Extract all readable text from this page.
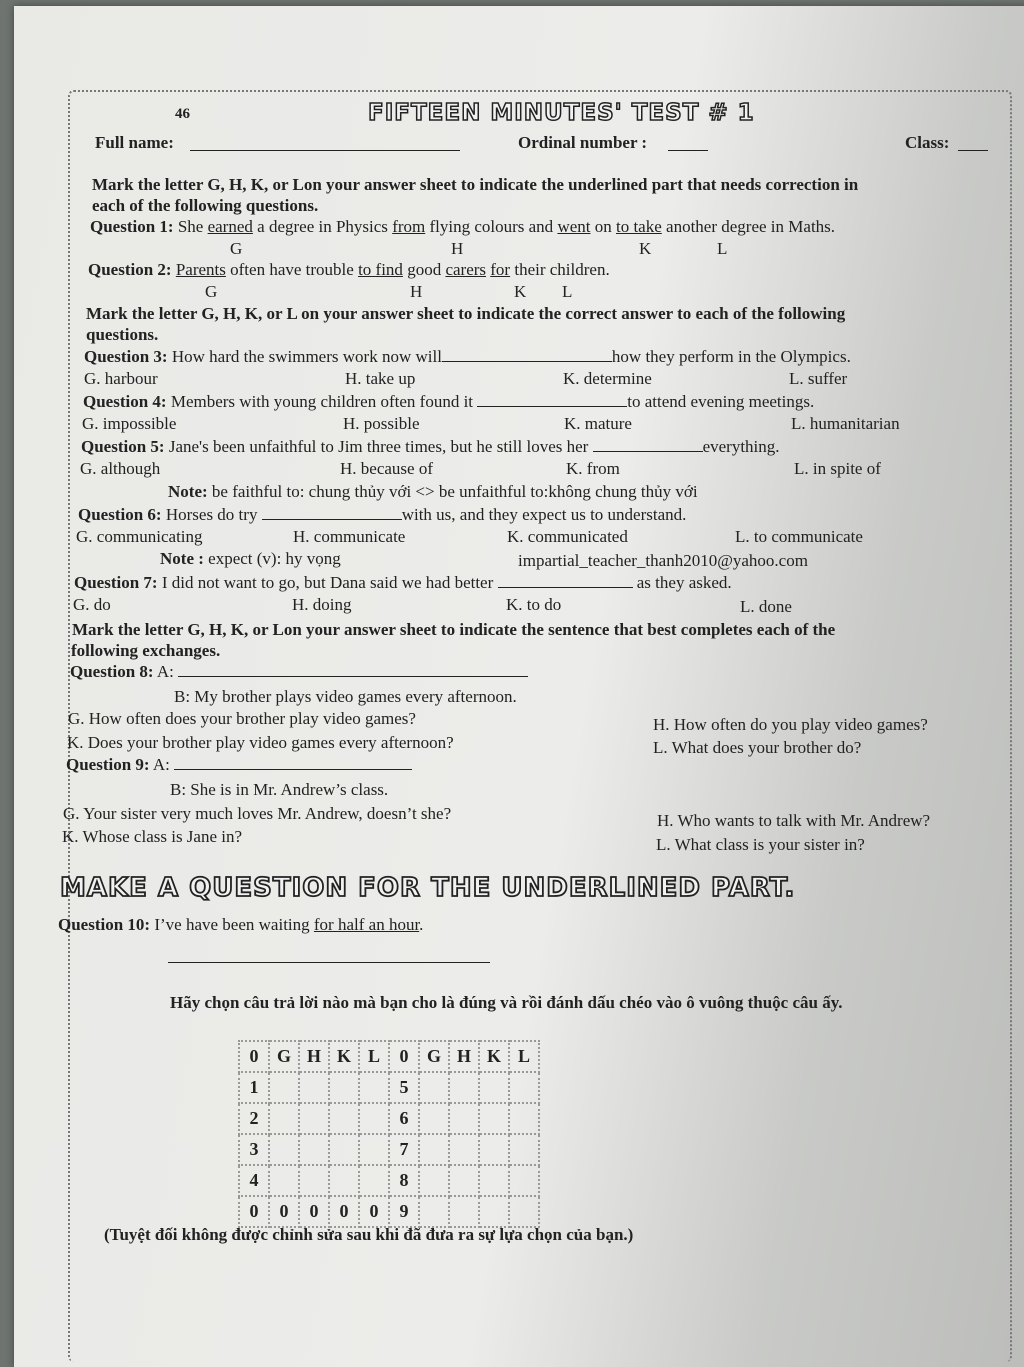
46	FIFTEEN MINUTES' TEST # 1
Full name:	Ordinal number :	Class:
Mark the letter G, H, K, or Lon your answer sheet to indicate the underlined part that needs correction in
each of the following questions.
Question 1: She earned a degree in Physics from flying colours and went on to take another degree in Maths.
G	H	K	L
Question 2: Parents often have trouble to find good carers for their children.
G	H	K L
Mark the letter G, H, K, or L on your answer sheet to indicate the correct answer to each of the following
questions.
Question 3: How hard the swimmers work now will	how they perform in the Olympics.
G. harbour	H. take up	K. determine	L. suffer
Question 4: Members with young children often found it	to attend evening meetings.
G. impossible	H. possible	K. mature	L. humanitarian
Question 5: Jane's been unfaithful to Jim three times, but he still loves her	everything.
G. although	H. because of	K. from	L. in spite of
Note: be faithful to: chung thủy với <> be unfaithful to:không chung thủy với
Question 6: Horses do try	with us, and they expect us to understand.
G. communicating	H. communicate	K. communicated	L. to communicate
Note : expect (v): hy vọng	impartial_teacher_thanh2010@yahoo.com
Question 7: I did not want to go, but Dana said we had better	as they asked.
G. do	H. doing	K. to do	L. done
Mark the letter G, H, K, or Lon your answer sheet to indicate the sentence that best completes each of the
following exchanges.
Question 8: A:
B: My brother plays video games every afternoon.
G. How often does your brother play video games?	H. How often do you play video games?
K. Does your brother play video games every afternoon?	L. What does your brother do?
Question 9: A:
B: She is in Mr. Andrew’s class.
G. Your sister very much loves Mr. Andrew, doesn’t she?	H. Who wants to talk with Mr. Andrew?
K. Whose class is Jane in?	L. What class is your sister in?
MAKE A QUESTION FOR THE UNDERLINED PART.
Question 10: I’ve have been waiting for half an hour.
Hãy chọn câu trả lời nào mà bạn cho là đúng và rồi đánh dấu chéo vào ô vuông thuộc câu ấy.
0	G	H	K	L	0	G	H	K	L
1					5				
2					6				
3					7				
4					8				
0	0	0	0	0	9				
(Tuyệt đối không được chỉnh sửa sau khi đã đưa ra sự lựa chọn của bạn.)
